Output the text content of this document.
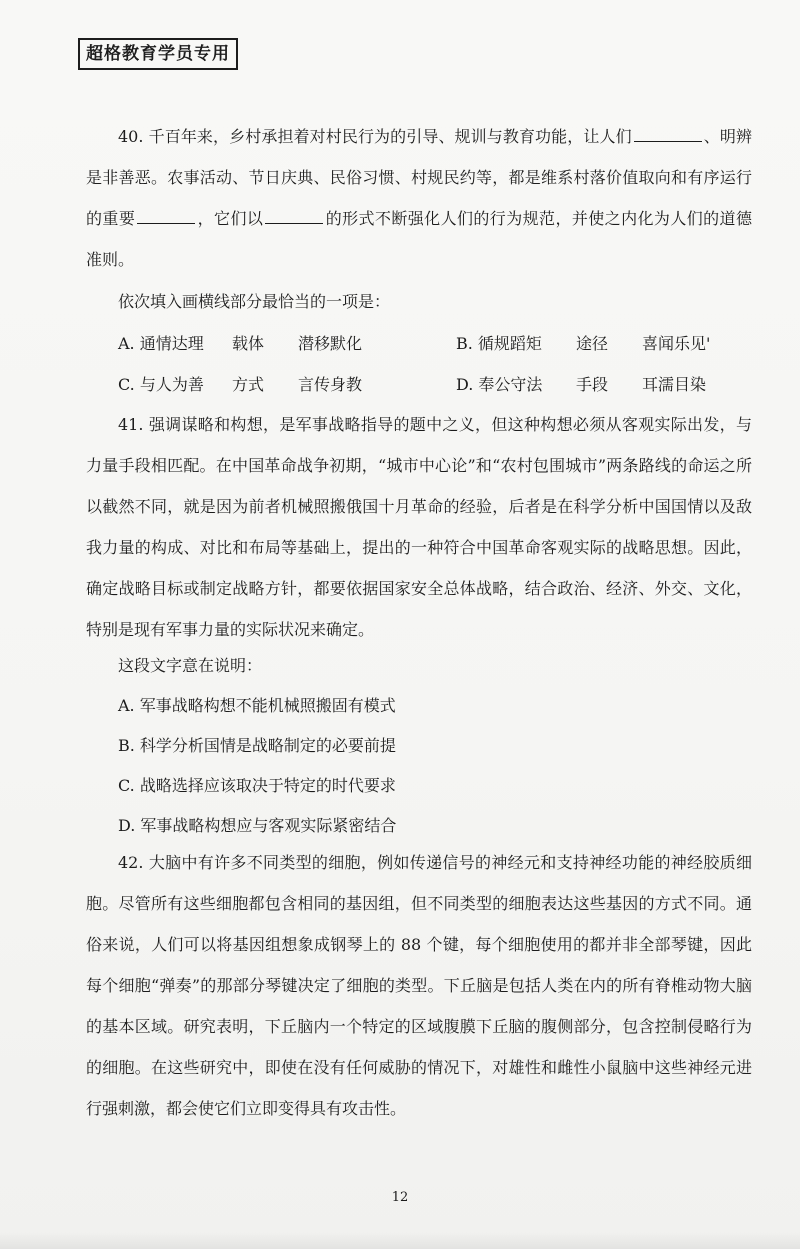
超格教育学员专用

40. 千百年来，乡村承担着对村民行为的引导、规训与教育功能，让人们	、明辨是非善恶。农事活动、节日庆典、民俗习惯、村规民约等，都是维系村落价值取向和有序运行的重要	，它们以	的形式不断强化人们的行为规范，并使之内化为人们的道德准则。

依次填入画横线部分最恰当的一项是：

A. 通情达理 载体 潜移默化	B. 循规蹈矩 途径 喜闻乐见'
C. 与人为善 方式 言传身教	D. 奉公守法 手段 耳濡目染

41. 强调谋略和构想，是军事战略指导的题中之义，但这种构想必须从客观实际出发，与力量手段相匹配。在中国革命战争初期，“城市中心论”和“农村包围城市”两条路线的命运之所以截然不同，就是因为前者机械照搬俄国十月革命的经验，后者是在科学分析中国国情以及敌我力量的构成、对比和布局等基础上，提出的一种符合中国革命客观实际的战略思想。因此，确定战略目标或制定战略方针，都要依据国家安全总体战略，结合政治、经济、外交、文化，特别是现有军事力量的实际状况来确定。

这段文字意在说明：

A. 军事战略构想不能机械照搬固有模式

B. 科学分析国情是战略制定的必要前提

C. 战略选择应该取决于特定的时代要求

D. 军事战略构想应与客观实际紧密结合

42. 大脑中有许多不同类型的细胞，例如传递信号的神经元和支持神经功能的神经胶质细胞。尽管所有这些细胞都包含相同的基因组，但不同类型的细胞表达这些基因的方式不同。通俗来说，人们可以将基因组想象成钢琴上的 88 个键，每个细胞使用的都并非全部琴键，因此每个细胞“弹奏”的那部分琴键决定了细胞的类型。下丘脑是包括人类在内的所有脊椎动物大脑的基本区域。研究表明，下丘脑内一个特定的区域腹膜下丘脑的腹侧部分，包含控制侵略行为的细胞。在这些研究中，即使在没有任何威胁的情况下，对雄性和雌性小鼠脑中这些神经元进行强刺激，都会使它们立即变得具有攻击性。

12
